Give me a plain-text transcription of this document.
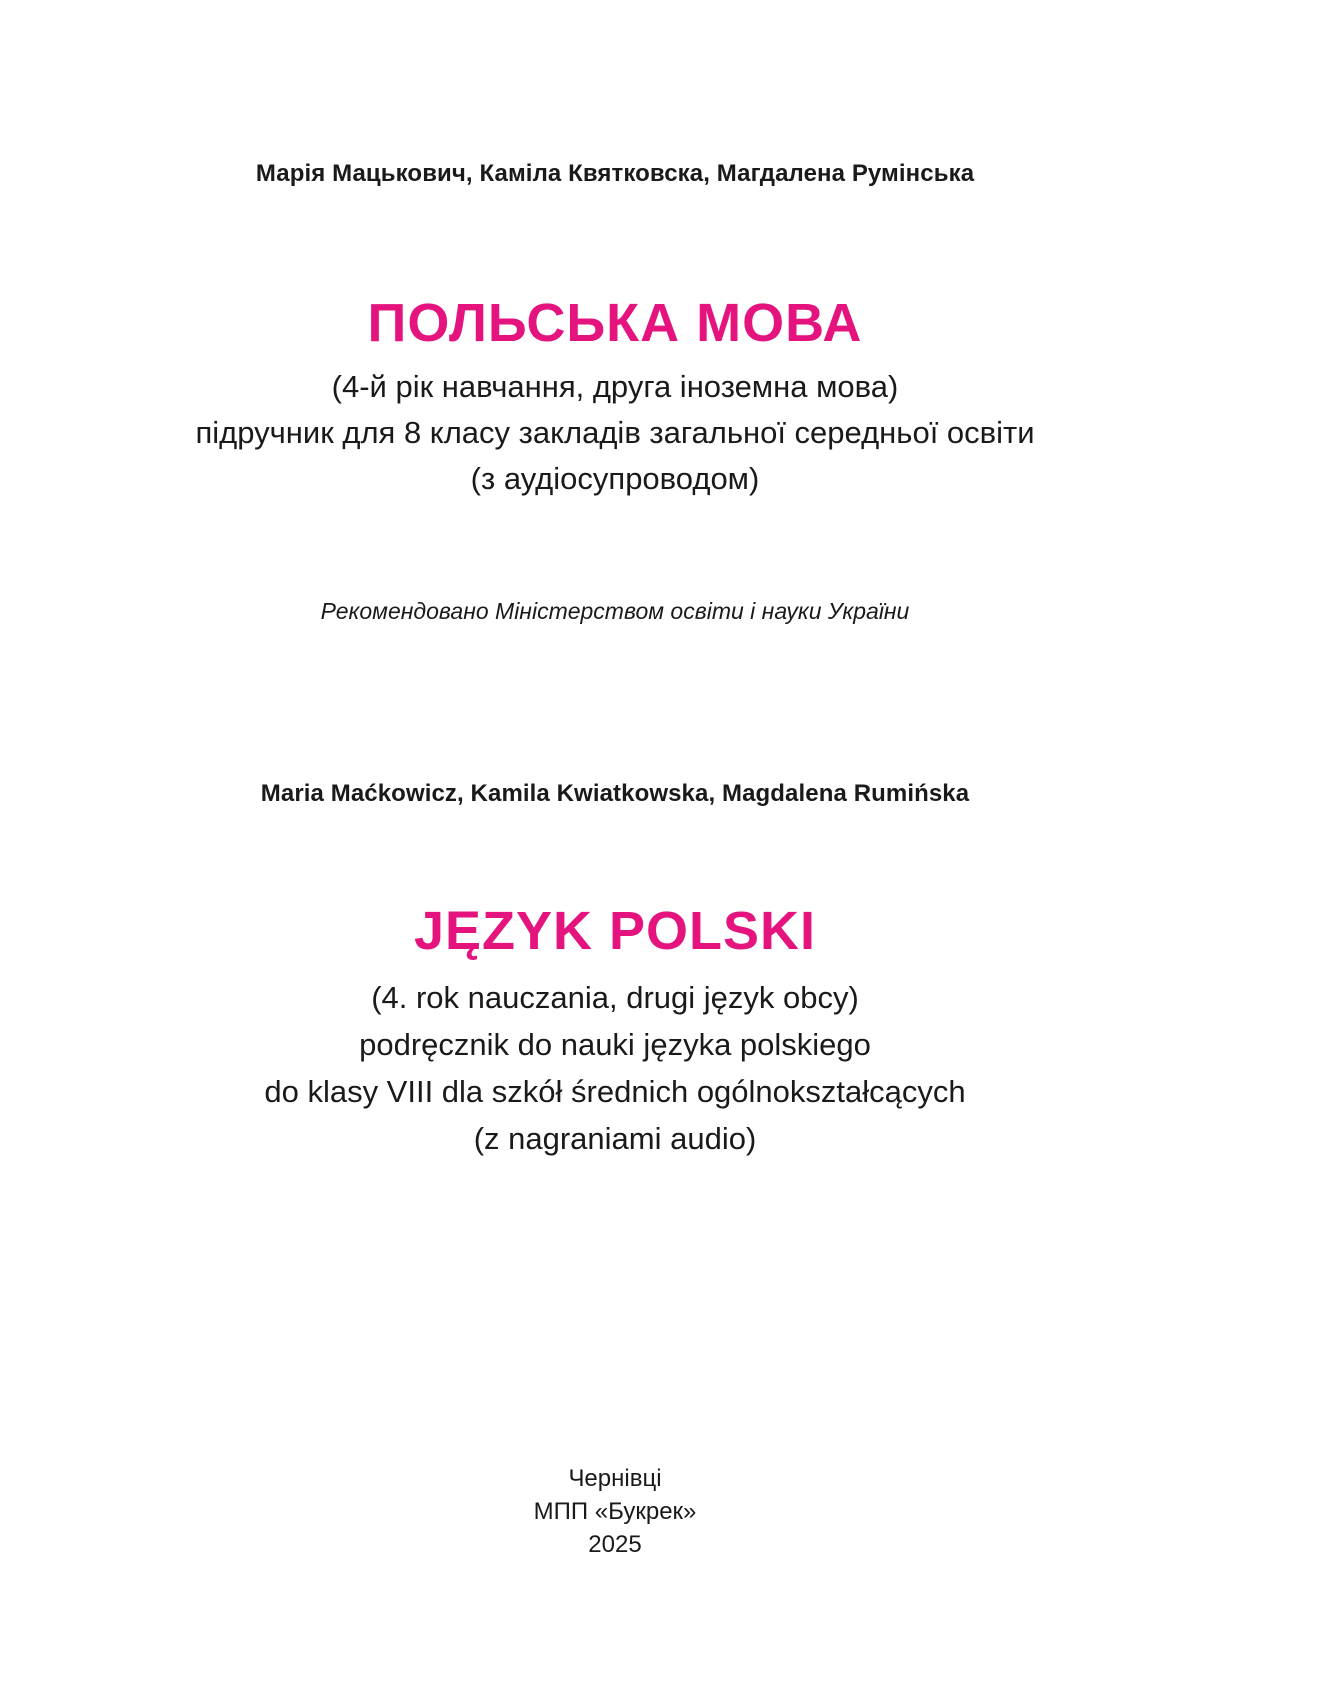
Марія Мацькович, Каміла Квятковска, Магдалена Румінська

ПОЛЬСЬКА МОВА

(4-й рік навчання, друга іноземна мова)

підручник для 8 класу закладів загальної середньої освіти

(з аудіосупроводом)

Рекомендовано Міністерством освіти і науки України

Maria Maćkowicz, Kamila Kwiatkowska, Magdalena Rumińska

JĘZYK POLSKI

(4. rok nauczania, drugi język obcy)

podręcznik do nauki języka polskiego

do klasy VIII dla szkół średnich ogólnokształcących

(z nagraniami audio)

Чернівці

МПП «Букрек»

2025
